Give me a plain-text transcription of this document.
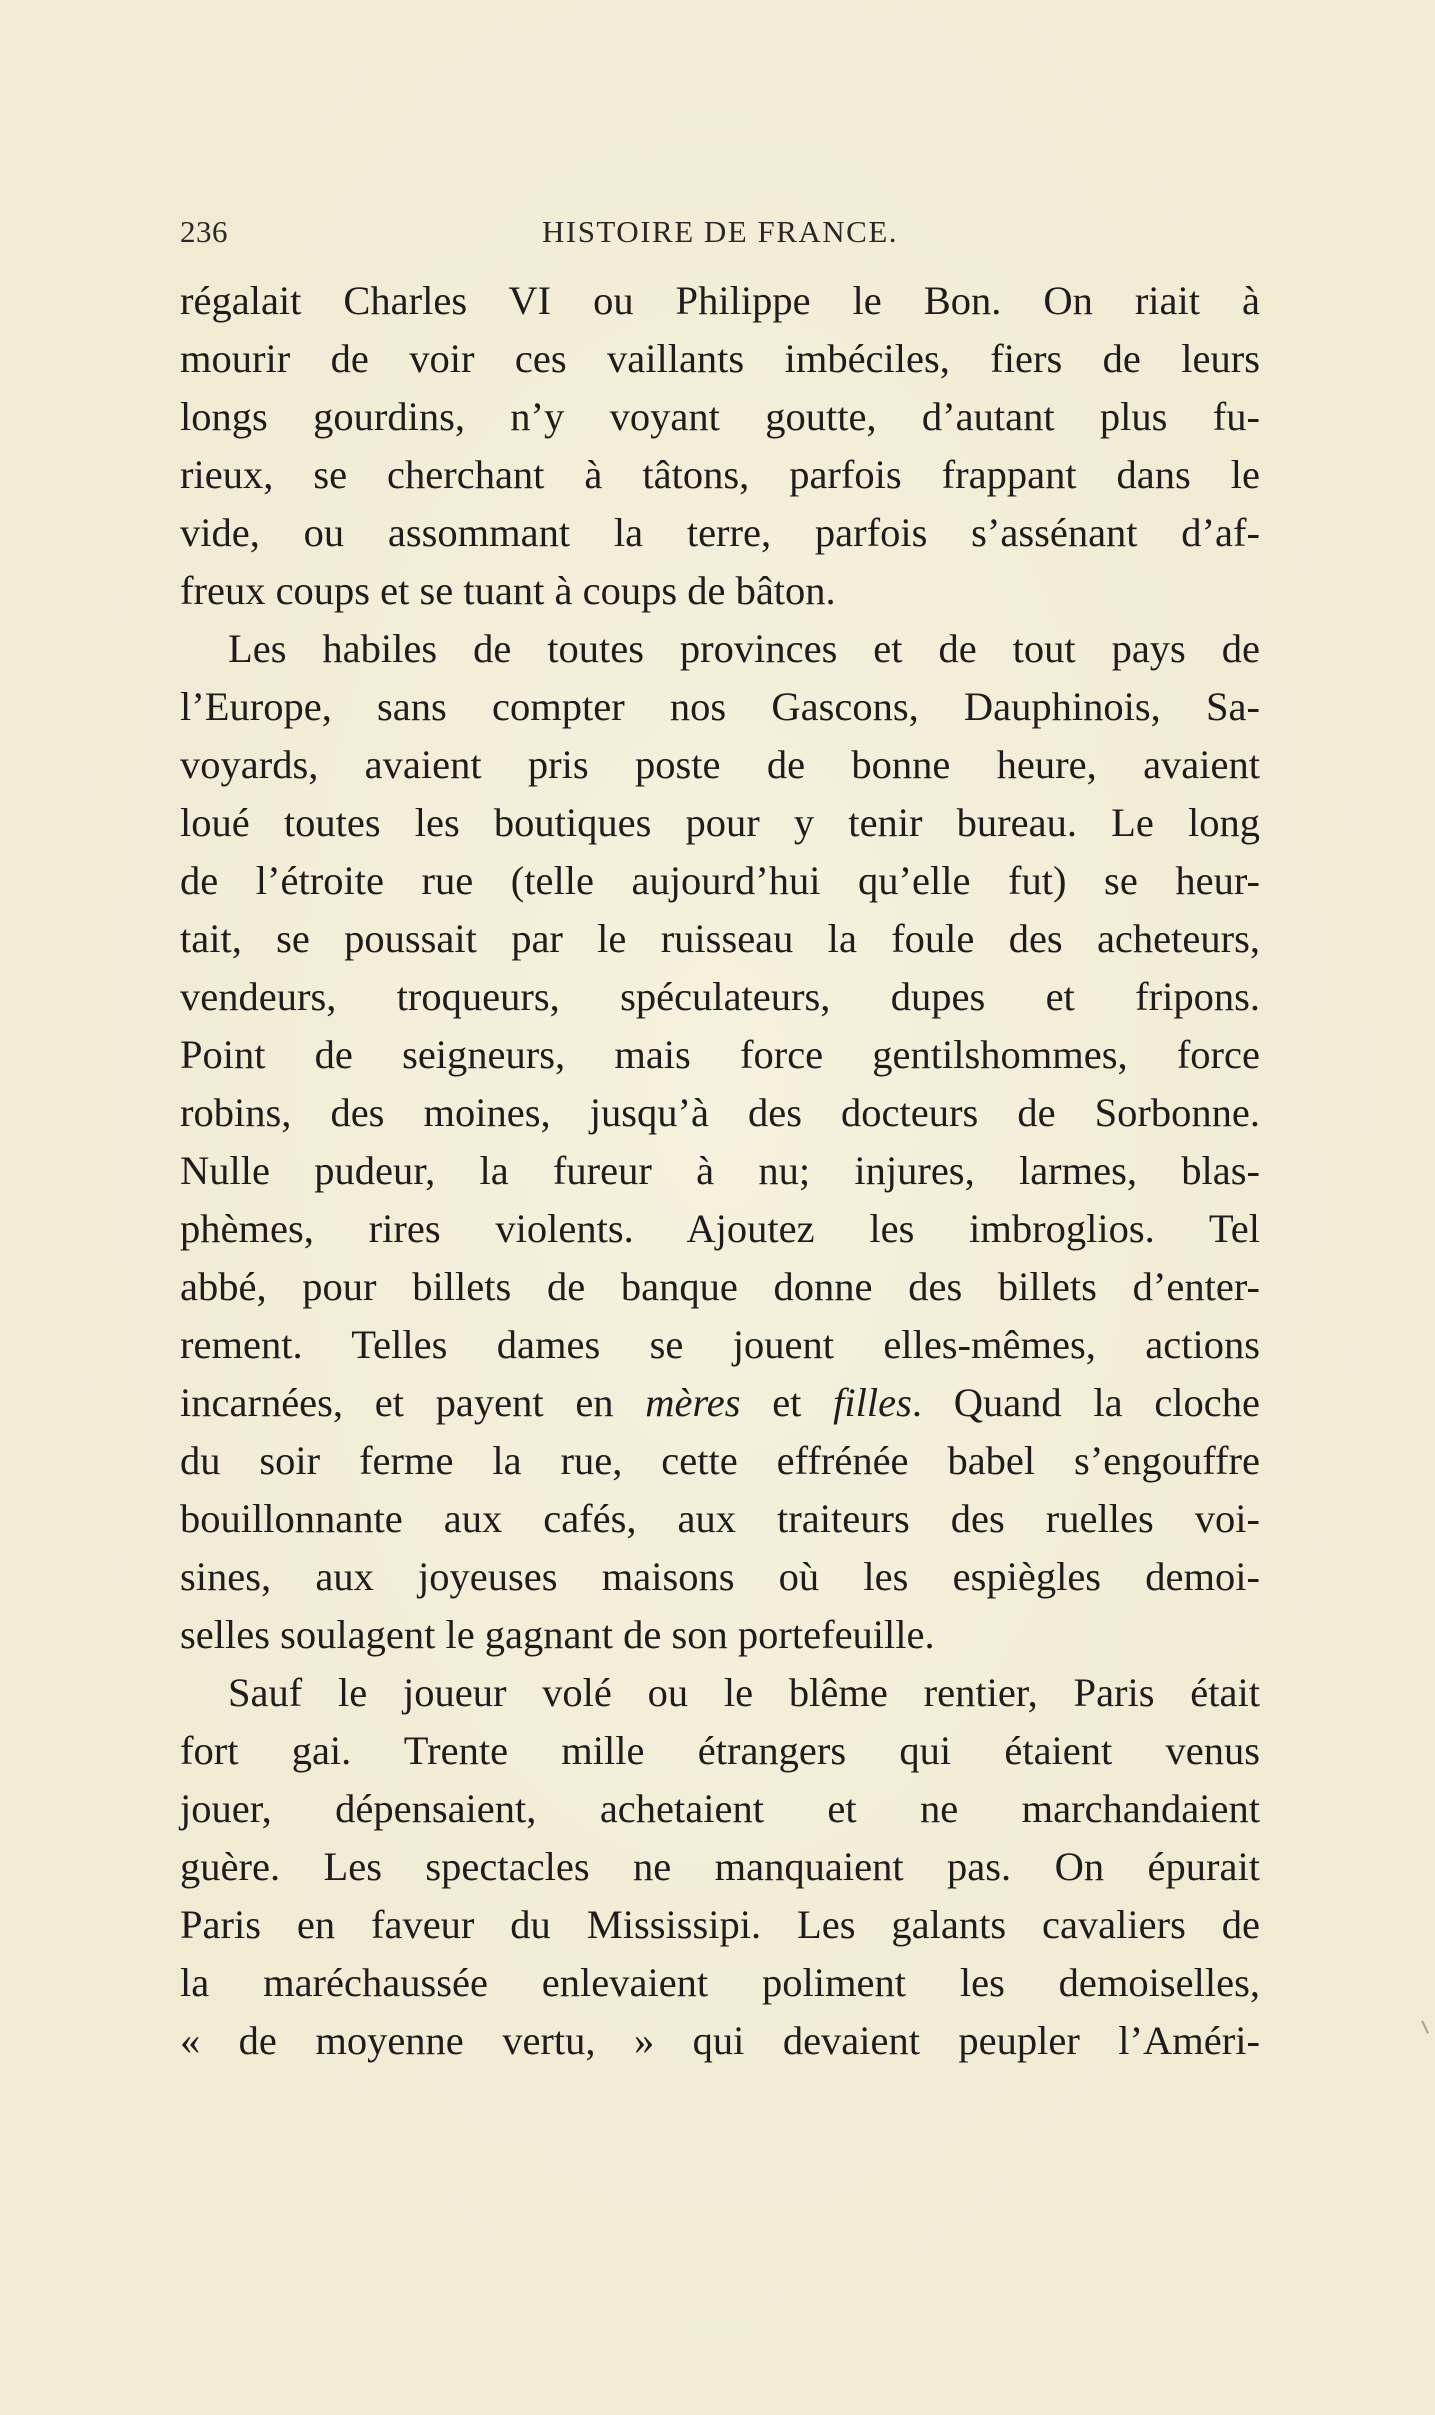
236	HISTOIRE DE FRANCE.
régalait Charles VI ou Philippe le Bon. On riait à
mourir de voir ces vaillants imbéciles, fiers de leurs
longs gourdins, n’y voyant goutte, d’autant plus fu-
rieux, se cherchant à tâtons, parfois frappant dans le
vide, ou assommant la terre, parfois s’assénant d’af-
freux coups et se tuant à coups de bâton.
Les habiles de toutes provinces et de tout pays de
l’Europe, sans compter nos Gascons, Dauphinois, Sa-
voyards, avaient pris poste de bonne heure, avaient
loué toutes les boutiques pour y tenir bureau. Le long
de l’étroite rue (telle aujourd’hui qu’elle fut) se heur-
tait, se poussait par le ruisseau la foule des acheteurs,
vendeurs, troqueurs, spéculateurs, dupes et fripons.
Point de seigneurs, mais force gentilshommes, force
robins, des moines, jusqu’à des docteurs de Sorbonne.
Nulle pudeur, la fureur à nu; injures, larmes, blas-
phèmes, rires violents. Ajoutez les imbroglios. Tel
abbé, pour billets de banque donne des billets d’enter-
rement. Telles dames se jouent elles-mêmes, actions
incarnées, et payent en mères et filles. Quand la cloche
du soir ferme la rue, cette effrénée babel s’engouffre
bouillonnante aux cafés, aux traiteurs des ruelles voi-
sines, aux joyeuses maisons où les espiègles demoi-
selles soulagent le gagnant de son portefeuille.
Sauf le joueur volé ou le blême rentier, Paris était
fort gai. Trente mille étrangers qui étaient venus
jouer, dépensaient, achetaient et ne marchandaient
guère. Les spectacles ne manquaient pas. On épurait
Paris en faveur du Mississipi. Les galants cavaliers de
la maréchaussée enlevaient poliment les demoiselles,
« de moyenne vertu, » qui devaient peupler l’Améri-
